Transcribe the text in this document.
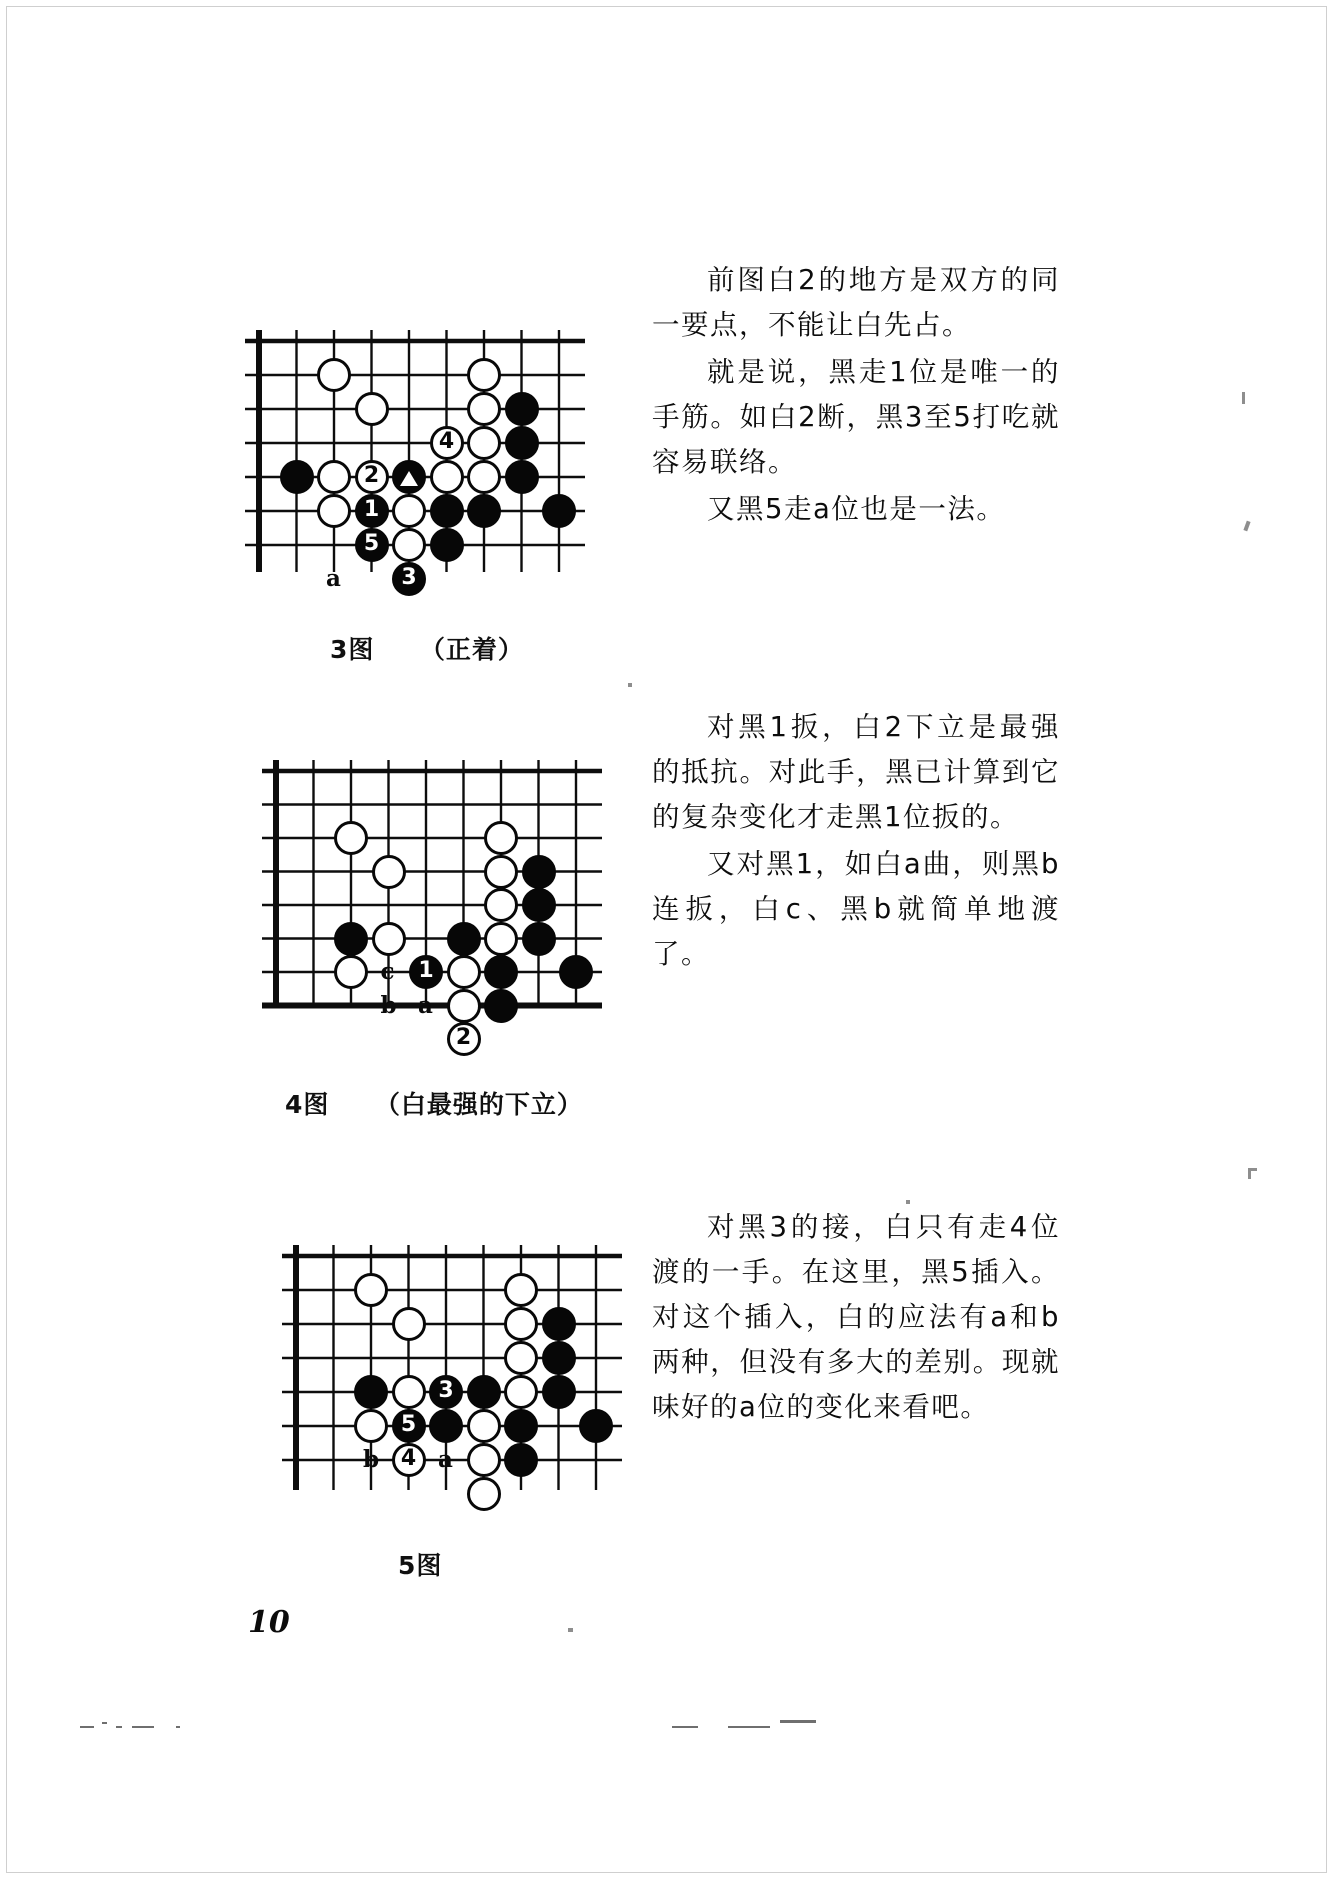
4
2
1
5
3
a
3图 （正着）
1
2
c
b a
4图 （白最强的下立）
3
5
4
b	a
5图

前图白2的地方是双方的同一要点，不能让白先占。

就是说，黑走1位是唯一的手筋。如白2断，黑3至5打吃就容易联络。

又黑5走a位也是一法。

对黑1扳，白2下立是最强的抵抗。对此手，黑已计算到它的复杂变化才走黑1位扳的。

又对黑1，如白a曲，则黑b连扳，白c、黑b就简单地渡了。

对黑3的接，白只有走4位渡的一手。在这里，黑5插入。对这个插入，白的应法有a和b两种，但没有多大的差别。现就味好的a位的变化来看吧。

10
